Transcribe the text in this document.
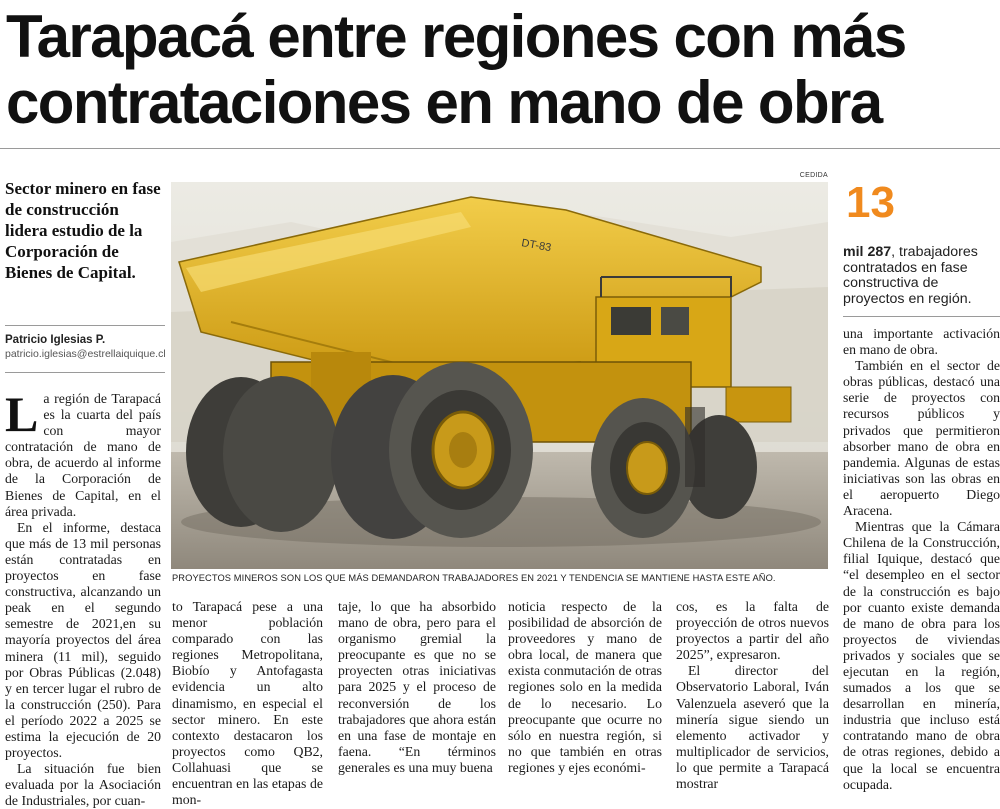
Tarapacá entre regiones con más
contrataciones en mano de obra

Sector minero en fase de construcción lidera estudio de la Corporación de Bienes de Capital.

Patricio Iglesias P.
patricio.iglesias@estrellaiquique.cl
CEDIDA
DT-83
PROYECTOS MINEROS SON LOS QUE MÁS DEMANDARON TRABAJADORES EN 2021 Y TENDENCIA SE MANTIENE HASTA ESTE AÑO.
13

mil 287, trabajadores contratados en fase constructiva de proyectos en región.

La región de Tarapacá es la cuarta del país con mayor contratación de mano de obra, de acuerdo al informe de la Corporación de Bienes de Capital, en el área privada.

En el informe, destaca que más de 13 mil personas están contratadas en proyectos en fase constructiva, alcanzando un peak en el segundo semestre de 2021,en su mayoría proyectos del área minera (11 mil), seguido por Obras Públicas (2.048) y en tercer lugar el rubro de la construcción (250). Para el período 2022 a 2025 se estima la ejecución de 20 proyectos.

La situación fue bien evaluada por la Asociación de Industriales, por cuan-

to Tarapacá pese a una menor población comparado con las regiones Metropolitana, Biobío y Antofagasta evidencia un alto dinamismo, en especial el sector minero. En este contexto destacaron los proyectos como QB2, Collahuasi que se encuentran en las etapas de mon-

taje, lo que ha absorbido mano de obra, pero para el organismo gremial la preocupante es que no se proyecten otras iniciativas para 2025 y el proceso de reconversión de los trabajadores que ahora están en una fase de montaje en faena. “En términos generales es una muy buena

noticia respecto de la posibilidad de absorción de proveedores y mano de obra local, de manera que exista conmutación de otras regiones solo en la medida de lo necesario. Lo preocupante que ocurre no sólo en nuestra región, si no que también en otras regiones y ejes económi-

cos, es la falta de proyección de otros nuevos proyectos a partir del año 2025”, expresaron.

El director del Observatorio Laboral, Iván Valenzuela aseveró que la minería sigue siendo un elemento activador y multiplicador de servicios, lo que permite a Tarapacá mostrar

una importante activación en mano de obra.

También en el sector de obras públicas, destacó una serie de proyectos con recursos públicos y privados que permitieron absorber mano de obra en pandemia. Algunas de estas iniciativas son las obras en el aeropuerto Diego Aracena.

Mientras que la Cámara Chilena de la Construcción, filial Iquique, destacó que “el desempleo en el sector de la construcción es bajo por cuanto existe demanda de mano de obra para los proyectos de viviendas privados y sociales que se ejecutan en la región, sumados a los que se desarrollan en minería, industria que incluso está contratando mano de obra de otras regiones, debido a que la local se encuentra ocupada.
